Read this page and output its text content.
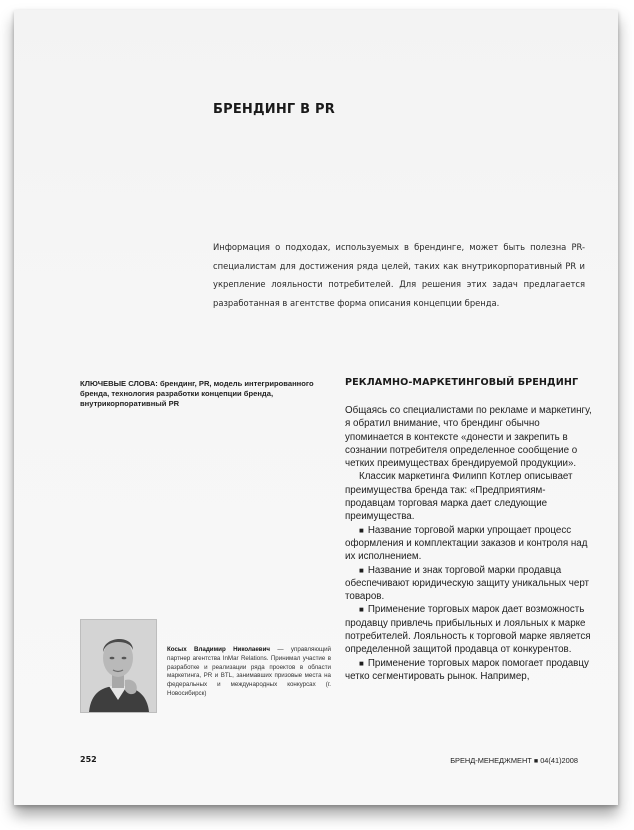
БРЕНДИНГ В PR

Информация о подходах, используемых в брендинге, может быть полезна PR-специалистам для достижения ряда целей, таких как внутрикорпоративный PR и укрепление лояльности потребителей. Для решения этих задач предлагается разработанная в агентстве форма описания концепции бренда.

КЛЮЧЕВЫЕ СЛОВА: брендинг, PR, модель интегрированного бренда, технология разработки концепции бренда, внутрикорпоративный PR

РЕКЛАМНО-МАРКЕТИНГОВЫЙ БРЕНДИНГ

Общаясь со специалистами по рекламе и маркетингу, я обратил внимание, что брендинг обычно упоминается в контексте «донести и закрепить в сознании потребителя определенное сообщение о четких преимуществах брендируемой продукции».

Классик маркетинга Филипп Котлер описывает преимущества бренда так: «Предприятиям-продавцам торговая марка дает следующие преимущества.

■ Название торговой марки упрощает процесс оформления и комплектации заказов и контроля над их исполнением.

■ Название и знак торговой марки продавца обеспечивают юридическую защиту уникальных черт товаров.

■ Применение торговых марок дает возможность продавцу привлечь прибыльных и лояльных к марке потребителей. Лояльность к торговой марке является определенной защитой продавца от конкурентов.

■ Применение торговых марок помогает продавцу четко сегментировать рынок. Например,

Косых Владимир Николаевич — управляющий партнер агентства InMar Relations. Принимал участие в разработке и реализации ряда проектов в области маркетинга, PR и BTL, занимавших призовые места на федеральных и международных конкурсах (г. Новосибирск)

252	БРЕНД-МЕНЕДЖМЕНТ ■ 04(41)2008
